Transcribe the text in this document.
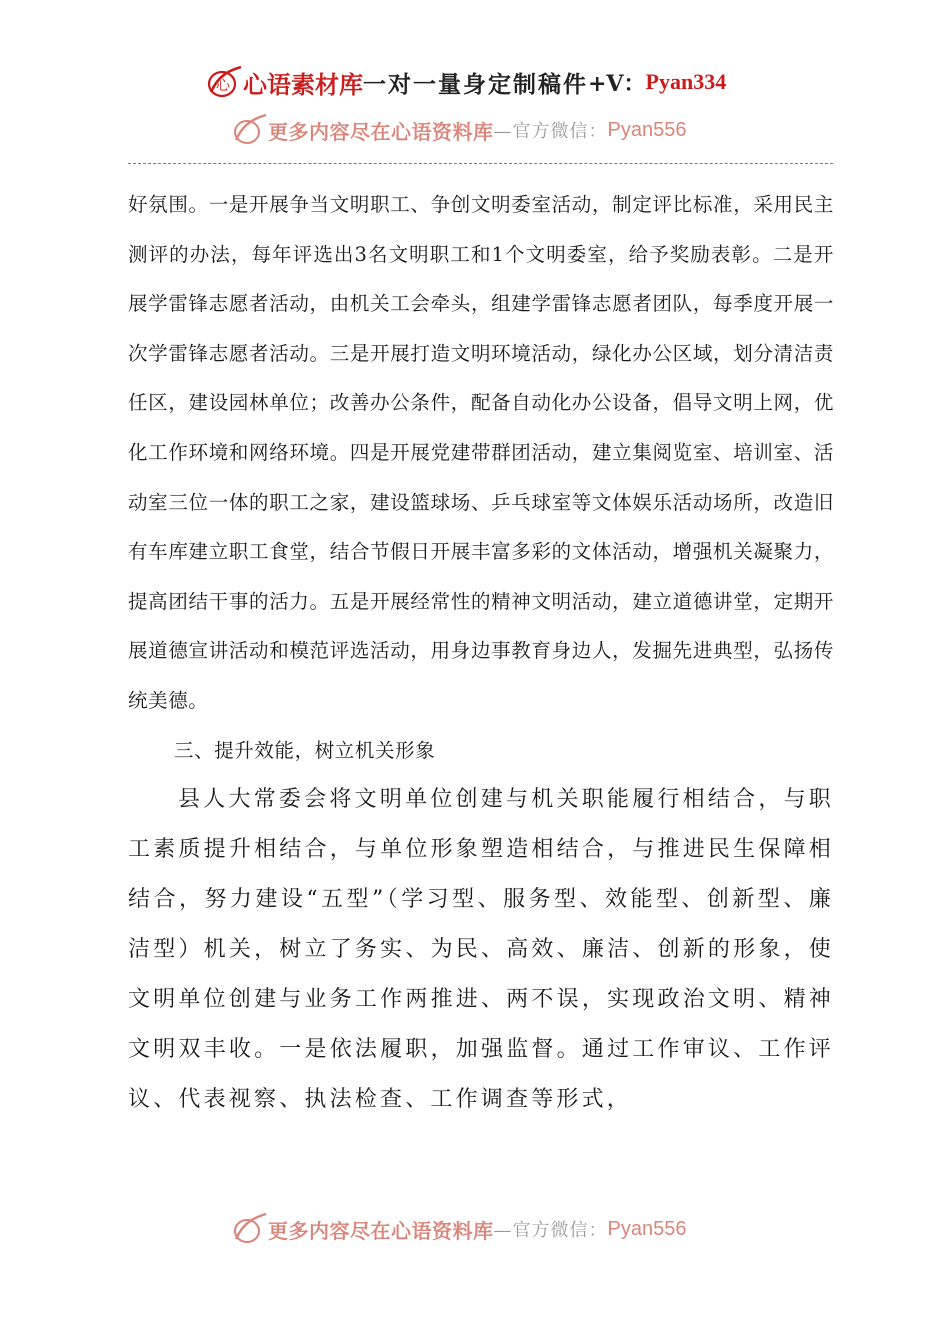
心 心语素材库 一对一量身定制稿件 +V： Pyan334
更多内容尽在心语资料库 —官方微信： Pyan556

好氛围。一是开展争当文明职工、争创文明委室活动，制定评比标准，采用民主测评的办法，每年评选出3名文明职工和1个文明委室，给予奖励表彰。二是开展学雷锋志愿者活动，由机关工会牵头，组建学雷锋志愿者团队，每季度开展一次学雷锋志愿者活动。三是开展打造文明环境活动，绿化办公区域，划分清洁责任区，建设园林单位；改善办公条件，配备自动化办公设备，倡导文明上网，优化工作环境和网络环境。四是开展党建带群团活动，建立集阅览室、培训室、活动室三位一体的职工之家，建设篮球场、乒乓球室等文体娱乐活动场所，改造旧有车库建立职工食堂，结合节假日开展丰富多彩的文体活动，增强机关凝聚力，提高团结干事的活力。五是开展经常性的精神文明活动，建立道德讲堂，定期开展道德宣讲活动和模范评选活动，用身边事教育身边人，发掘先进典型，弘扬传统美德。

三、提升效能，树立机关形象

县人大常委会将文明单位创建与机关职能履行相结合，与职工素质提升相结合，与单位形象塑造相结合，与推进民生保障相结合，努力建设“五型”（学习型、服务型、效能型、创新型、廉洁型）机关，树立了务实、为民、高效、廉洁、创新的形象，使文明单位创建与业务工作两推进、两不误，实现政治文明、精神文明双丰收。一是依法履职，加强监督。通过工作审议、工作评议、代表视察、执法检查、工作调查等形式，

更多内容尽在心语资料库 —官方微信： Pyan556
